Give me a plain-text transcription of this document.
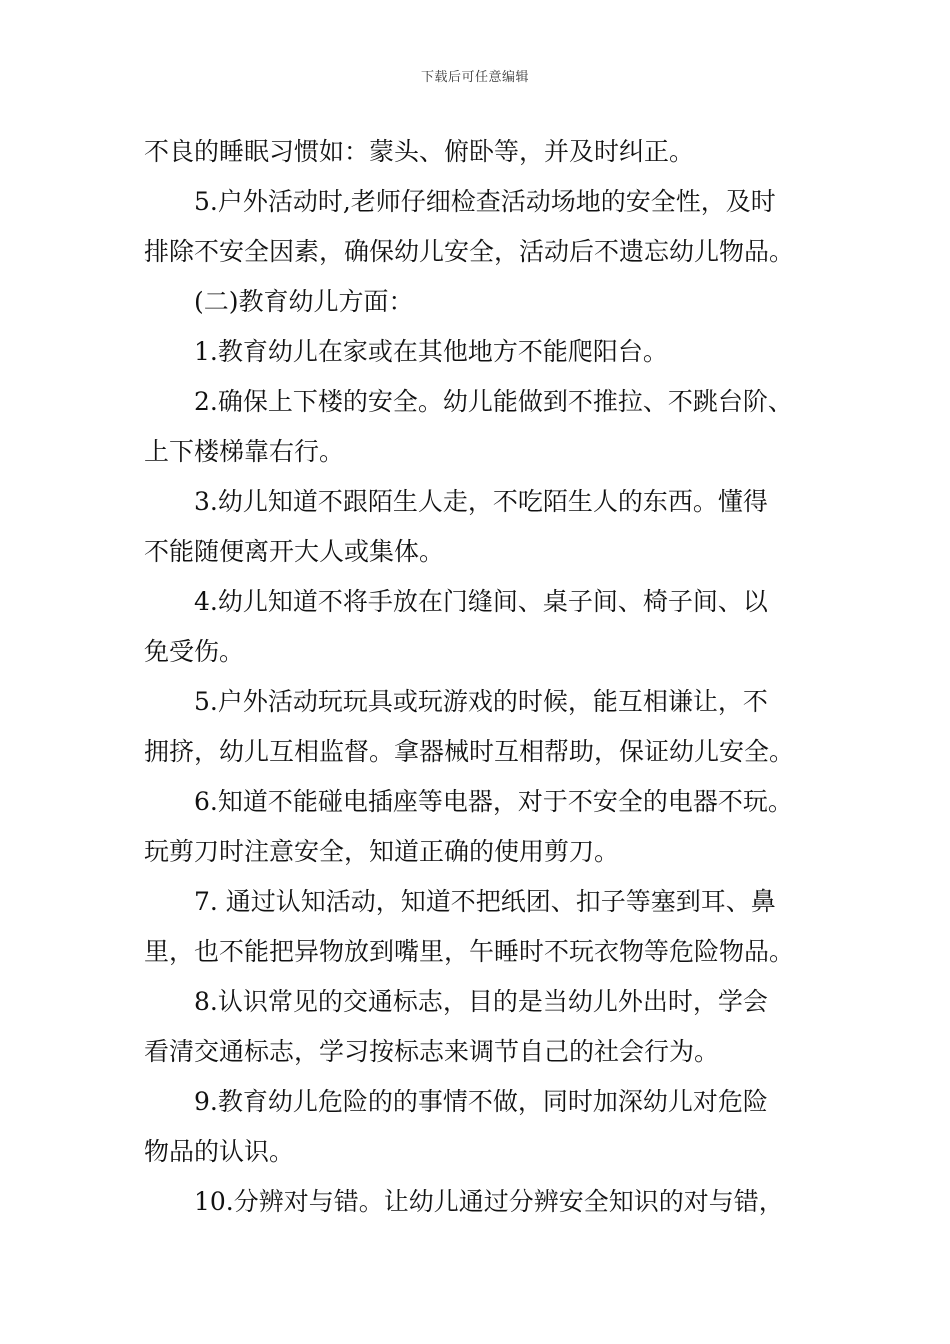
下载后可任意编辑
不良的睡眠习惯如：蒙头、俯卧等，并及时纠正。
5.户外活动时,老师仔细检查活动场地的安全性，及时
排除不安全因素，确保幼儿安全，活动后不遗忘幼儿物品。
(二)教育幼儿方面：
1.教育幼儿在家或在其他地方不能爬阳台。
2.确保上下楼的安全。幼儿能做到不推拉、不跳台阶、
上下楼梯靠右行。
3.幼儿知道不跟陌生人走，不吃陌生人的东西。懂得
不能随便离开大人或集体。
4.幼儿知道不将手放在门缝间、桌子间、椅子间、以
免受伤。
5.户外活动玩玩具或玩游戏的时候，能互相谦让，不
拥挤，幼儿互相监督。拿器械时互相帮助，保证幼儿安全。
6.知道不能碰电插座等电器，对于不安全的电器不玩。
玩剪刀时注意安全，知道正确的使用剪刀。
7. 通过认知活动，知道不把纸团、扣子等塞到耳、鼻
里，也不能把异物放到嘴里，午睡时不玩衣物等危险物品。
8.认识常见的交通标志，目的是当幼儿外出时，学会
看清交通标志，学习按标志来调节自己的社会行为。
9.教育幼儿危险的的事情不做，同时加深幼儿对危险
物品的认识。
10.分辨对与错。让幼儿通过分辨安全知识的对与错，
